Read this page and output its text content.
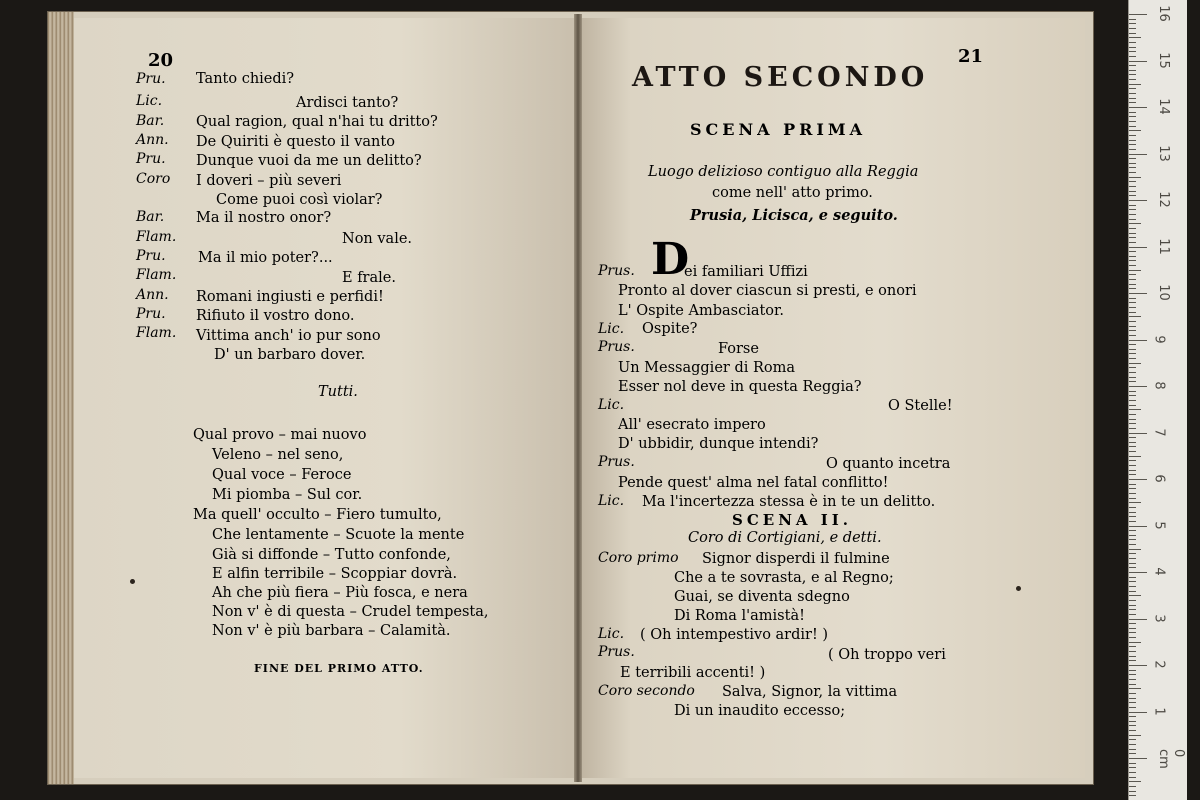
20
Pru. Tanto chiedi?
Lic.	Ardisci tanto?
Bar. Qual ragion, qual n'hai tu dritto?
Ann. De Quiriti è questo il vanto
Pru. Dunque vuoi da me un delitto?
Coro I doveri – più severi
Come puoi così violar?
Bar. Ma il nostro onor?
Flam.	Non vale.
Pru. Ma il mio poter?...
Flam.	E frale.
Ann. Romani ingiusti e perfidi!
Pru. Rifiuto il vostro dono.
Flam. Vittima anch' io pur sono
D' un barbaro dover.
Tutti.
Qual provo – mai nuovo
Veleno – nel seno,
Qual voce – Feroce
Mi piomba – Sul cor.
Ma quell' occulto – Fiero tumulto,
Che lentamente – Scuote la mente
Già si diffonde – Tutto confonde,
E alfin terribile – Scoppiar dovrà.
Ah che più fiera – Più fosca, e nera
Non v' è di questa – Crudel tempesta,
Non v' è più barbara – Calamità.
FINE DEL PRIMO ATTO.
21
ATTO SECONDO
SCENA PRIMA
Luogo delizioso contiguo alla Reggia
come nell' atto primo.
Prusia, Licisca, e seguito.
D
Prus.	ei familiari Uffizi
Pronto al dover ciascun si presti, e onori
L' Ospite Ambasciator.
Lic. Ospite?
Prus.	Forse
Un Messaggier di Roma
Esser nol deve in questa Reggia?
Lic.	O Stelle!
All' esecrato impero
D' ubbidir, dunque intendi?
Prus.	O quanto incetra
Pende quest' alma nel fatal conflitto!
Lic. Ma l'incertezza stessa è in te un delitto.
SCENA II.
Coro di Cortigiani, e detti.
Coro primo Signor disperdi il fulmine
Che a te sovrasta, e al Regno;
Guai, se diventa sdegno
Di Roma l'amistà!
Lic. ( Oh intempestivo ardir! )
Prus.	( Oh troppo veri
E terribili accenti! )
Coro secondo Salva, Signor, la vittima
Di un inaudito eccesso;
16
15
14
13
12
11
10
9
8
7
6
5
4
3
2
1
0 cm
